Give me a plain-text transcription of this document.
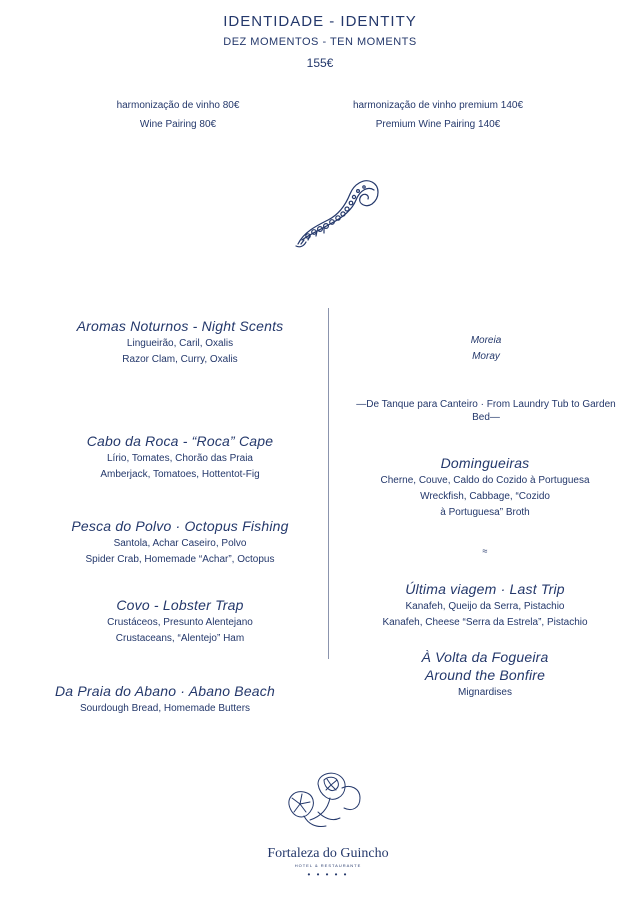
IDENTIDADE - IDENTITY
DEZ MOMENTOS - TEN MOMENTS
155€
harmonização de vinho 80€
Wine Pairing 80€
harmonização de vinho premium 140€
Premium Wine Pairing 140€
Aromas Noturnos - Night Scents
Lingueirão, Caril, Oxalis
Razor Clam, Curry, Oxalis
Cabo da Roca - “Roca” Cape
Lírio, Tomates, Chorão das Praia
Amberjack, Tomatoes, Hottentot-Fig
Pesca do Polvo · Octopus Fishing
Santola, Achar Caseiro, Polvo
Spider Crab, Homemade “Achar”, Octopus
Covo - Lobster Trap
Crustáceos, Presunto Alentejano
Crustaceans, “Alentejo” Ham
Da Praia do Abano · Abano Beach
Sourdough Bread, Homemade Butters
Moreia
Moray
—De Tanque para Canteiro · From Laundry Tub to Garden Bed—
Domingueiras
Cherne, Couve, Caldo do Cozido à Portuguesa
Wreckfish, Cabbage, “Cozido
à Portuguesa” Broth
≈
Última viagem · Last Trip
Kanafeh, Queijo da Serra, Pistachio
Kanafeh, Cheese “Serra da Estrela”, Pistachio
À Volta da Fogueira
Around the Bonfire
Mignardises
Fortaleza do Guincho
HOTEL & RESTAURANTE
• • • • •
